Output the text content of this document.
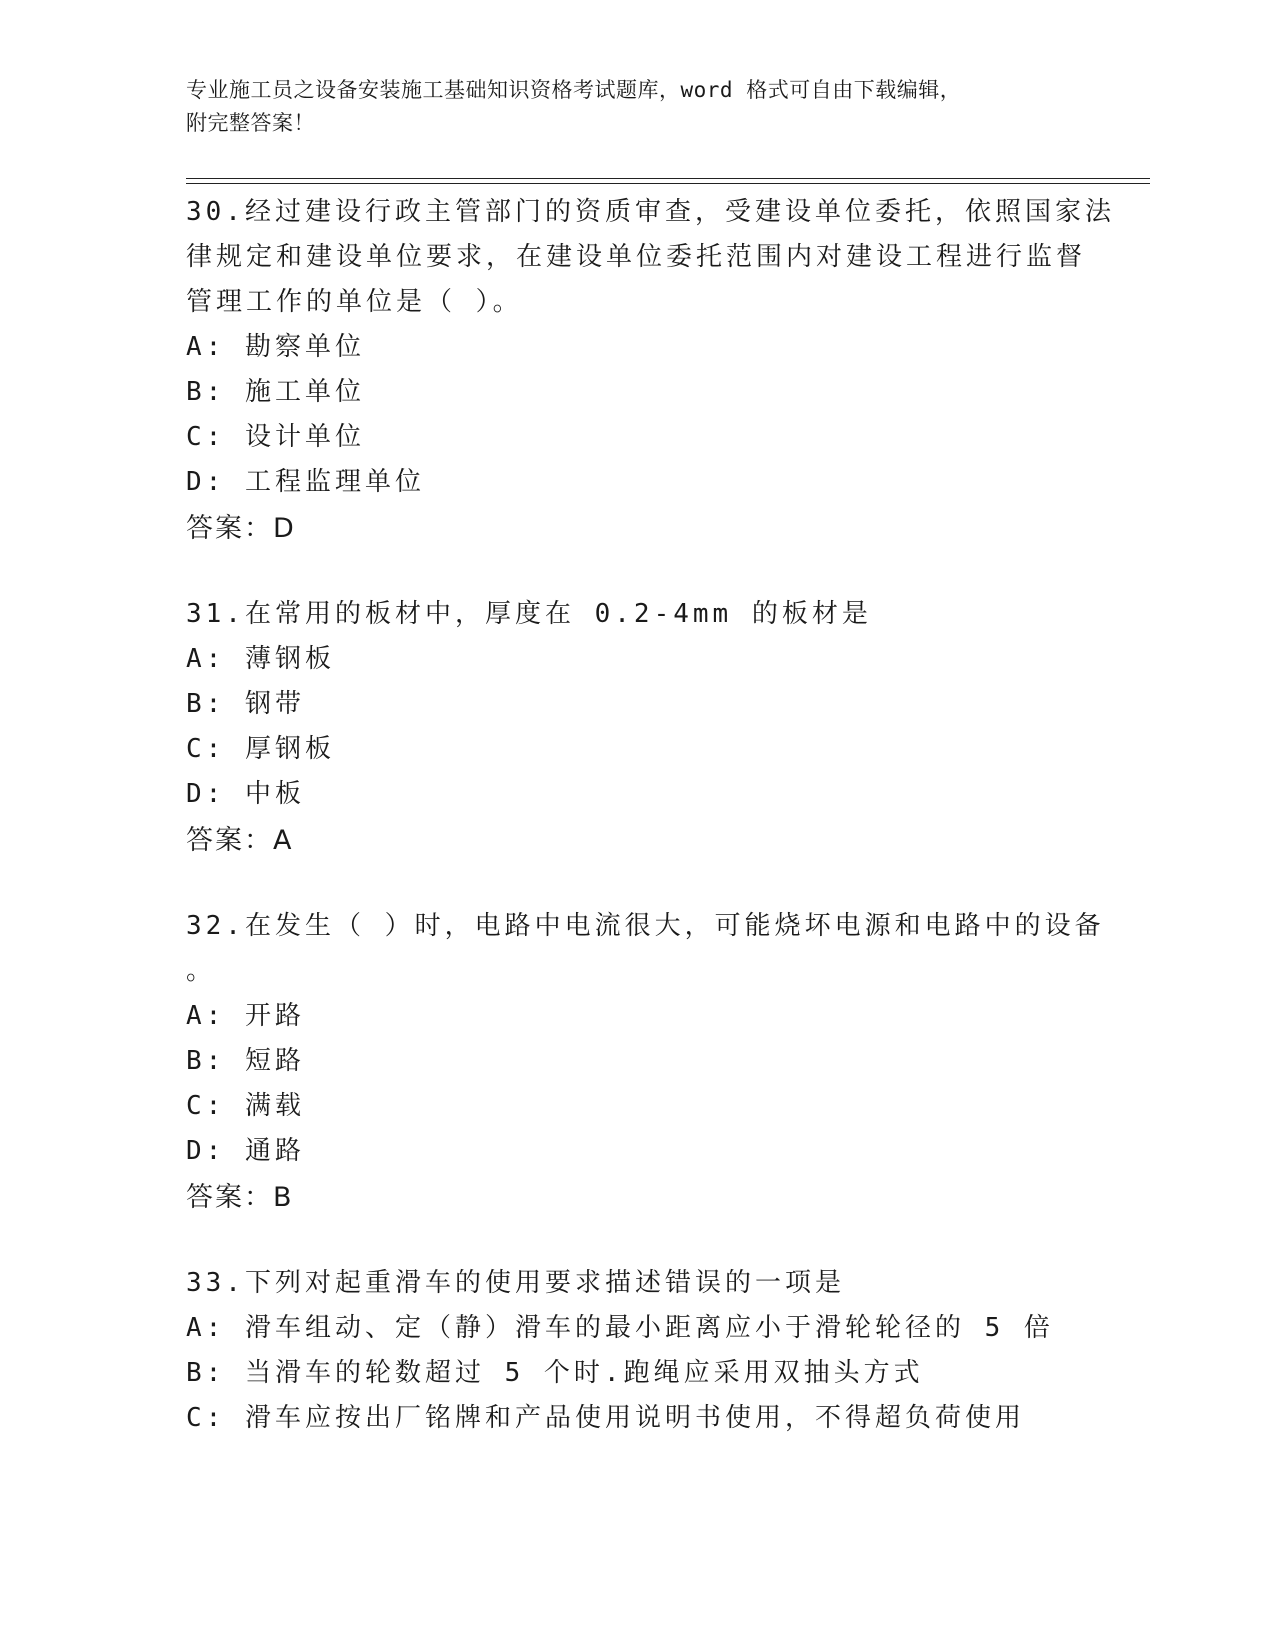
专业施工员之设备安装施工基础知识资格考试题库，word 格式可自由下载编辑，
附完整答案！
30.经过建设行政主管部门的资质审查，受建设单位委托，依照国家法
律规定和建设单位要求，在建设单位委托范围内对建设工程进行监督
管理工作的单位是（ ）。
A: 勘察单位
B: 施工单位
C: 设计单位
D: 工程监理单位
答案：D
31.在常用的板材中，厚度在 0.2-4mm 的板材是
A: 薄钢板
B: 钢带
C: 厚钢板
D: 中板
答案：A
32.在发生（ ）时，电路中电流很大，可能烧坏电源和电路中的设备
。
A: 开路
B: 短路
C: 满载
D: 通路
答案：B
33.下列对起重滑车的使用要求描述错误的一项是
A: 滑车组动、定（静）滑车的最小距离应小于滑轮轮径的 5 倍
B: 当滑车的轮数超过 5 个时.跑绳应采用双抽头方式
C: 滑车应按出厂铭牌和产品使用说明书使用，不得超负荷使用
